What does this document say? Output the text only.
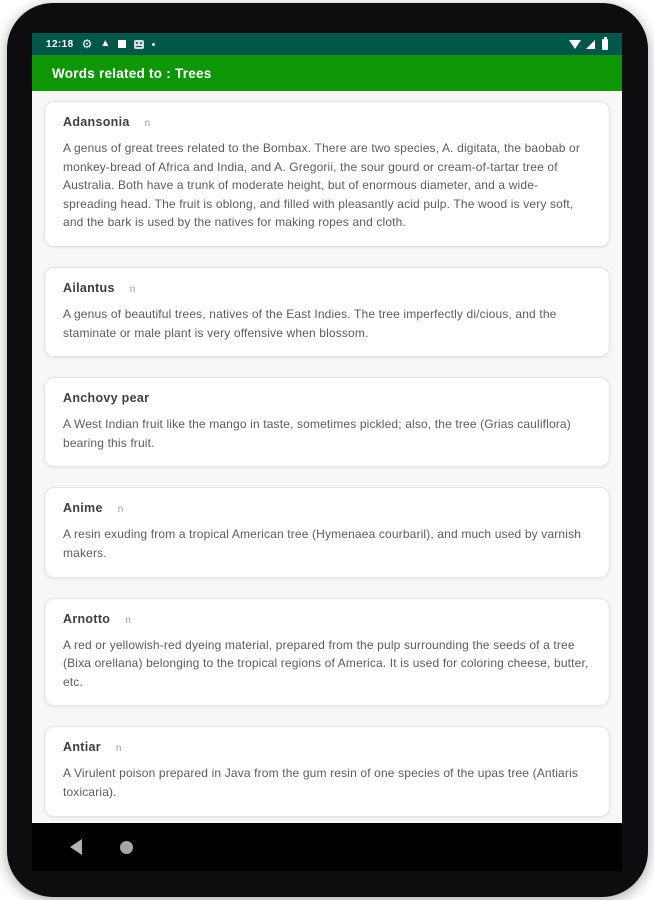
12:18 ⚙ ▲
Words related to : Trees
Adansonia n
A genus of great trees related to the Bombax. There are two species, A. digitata, the baobab or monkey-bread of Africa and India, and A. Gregorii, the sour gourd or cream-of-tartar tree of Australia. Both have a trunk of moderate height, but of enormous diameter, and a wide-spreading head. The fruit is oblong, and filled with pleasantly acid pulp. The wood is very soft, and the bark is used by the natives for making ropes and cloth.
Ailantus n
A genus of beautiful trees, natives of the East Indies. The tree imperfectly di/cious, and the staminate or male plant is very offensive when blossom.
Anchovy pear
A West Indian fruit like the mango in taste, sometimes pickled; also, the tree (Grias cauliflora) bearing this fruit.
Anime n
A resin exuding from a tropical American tree (Hymenaea courbaril), and much used by varnish makers.
Arnotto n
A red or yellowish-red dyeing material, prepared from the pulp surrounding the seeds of a tree (Bixa orellana) belonging to the tropical regions of America. It is used for coloring cheese, butter, etc.
Antiar n
A Virulent poison prepared in Java from the gum resin of one species of the upas tree (Antiaris toxicaria).
